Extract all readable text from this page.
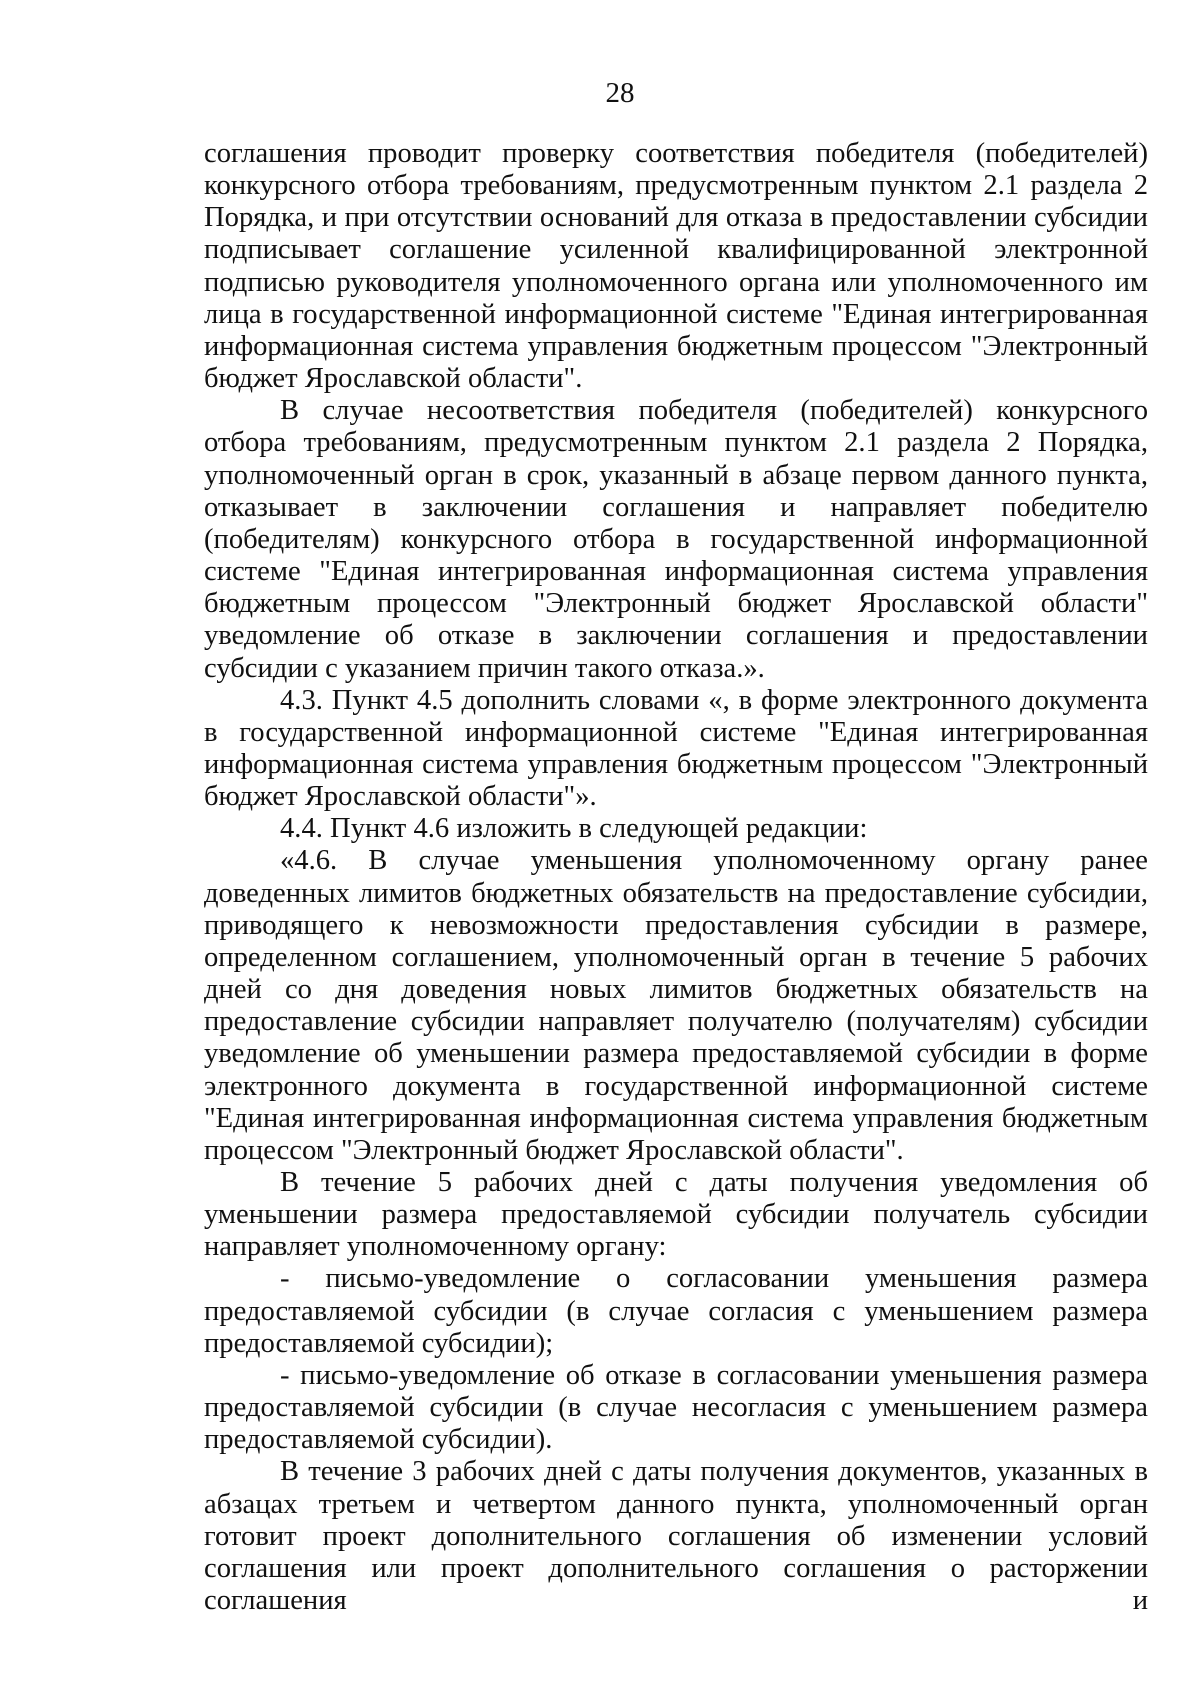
28

соглашения проводит проверку соответствия победителя (победителей) конкурсного отбора требованиям, предусмотренным пунктом 2.1 раздела 2 Порядка, и при отсутствии оснований для отказа в предоставлении субсидии подписывает соглашение усиленной квалифицированной электронной подписью руководителя уполномоченного органа или уполномоченного им лица в государственной информационной системе "Единая интегрированная информационная система управления бюджетным процессом "Электронный бюджет Ярославской области".

В случае несоответствия победителя (победителей) конкурсного отбора требованиям, предусмотренным пунктом 2.1 раздела 2 Порядка, уполномоченный орган в срок, указанный в абзаце первом данного пункта, отказывает в заключении соглашения и направляет победителю (победителям) конкурсного отбора в государственной информационной системе "Единая интегрированная информационная система управления бюджетным процессом "Электронный бюджет Ярославской области" уведомление об отказе в заключении соглашения и предоставлении субсидии с указанием причин такого отказа.».

4.3. Пункт 4.5 дополнить словами «, в форме электронного документа в государственной информационной системе "Единая интегрированная информационная система управления бюджетным процессом "Электронный бюджет Ярославской области"».

4.4. Пункт 4.6 изложить в следующей редакции:

«4.6. В случае уменьшения уполномоченному органу ранее доведенных лимитов бюджетных обязательств на предоставление субсидии, приводящего к невозможности предоставления субсидии в размере, определенном соглашением, уполномоченный орган в течение 5 рабочих дней со дня доведения новых лимитов бюджетных обязательств на предоставление субсидии направляет получателю (получателям) субсидии уведомление об уменьшении размера предоставляемой субсидии в форме электронного документа в государственной информационной системе "Единая интегрированная информационная система управления бюджетным процессом "Электронный бюджет Ярославской области".

В течение 5 рабочих дней с даты получения уведомления об уменьшении размера предоставляемой субсидии получатель субсидии направляет уполномоченному органу:

- письмо-уведомление о согласовании уменьшения размера предоставляемой субсидии (в случае согласия с уменьшением размера предоставляемой субсидии);

- письмо-уведомление об отказе в согласовании уменьшения размера предоставляемой субсидии (в случае несогласия с уменьшением размера предоставляемой субсидии).

В течение 3 рабочих дней с даты получения документов, указанных в абзацах третьем и четвертом данного пункта, уполномоченный орган готовит проект дополнительного соглашения об изменении условий соглашения или проект дополнительного соглашения о расторжении соглашения и
